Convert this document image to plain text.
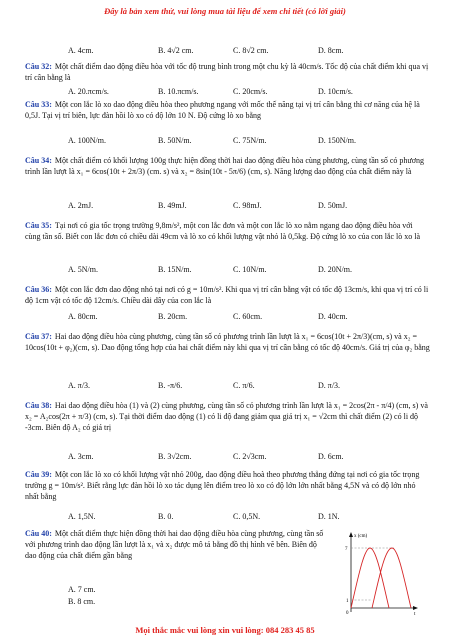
Đây là bản xem thử, vui lòng mua tài liệu để xem chi tiết (có lời giải)
A. 4cm.	B. 4√2 cm.	C. 8√2 cm.	D. 8cm.
Câu 32: Một chất điểm dao động điều hòa với tốc độ trung bình trong một chu kỳ là 40cm/s. Tốc độ của chất điểm khi qua vị trí cân bằng là
A. 20.πcm/s.	B. 10.πcm/s.	C. 20cm/s.	D. 10cm/s.
Câu 33: Một con lắc lò xo dao động điều hòa theo phương ngang với mốc thế năng tại vị trí cân bằng thì cơ năng của hệ là 0,5J. Tại vị trí biên, lực đàn hồi lò xo có độ lớn 10 N. Độ cứng lò xo bằng
A. 100N/m.	B. 50N/m.	C. 75N/m.	D. 150N/m.
Câu 34: Một chất điểm có khối lượng 100g thực hiện đồng thời hai dao động điều hòa cùng phương, cùng tần số có phương trình lần lượt là x₁ = 6cos(10t + 2π/3) (cm. s) và x₂ = 8sin(10t - 5π/6) (cm, s). Năng lượng dao động của chất điểm này là
A. 2mJ.	B. 49mJ.	C. 98mJ.	D. 50mJ.
Câu 35: Tại nơi có gia tốc trọng trường 9,8m/s², một con lắc đơn và một con lắc lò xo nằm ngang dao động điều hòa với cùng tần số. Biết con lắc đơn có chiều dài 49cm và lò xo có khối lượng vật nhỏ là 0,5kg. Độ cứng lò xo của con lắc lò xo là
A. 5N/m.	B. 15N/m.	C. 10N/m.	D. 20N/m.
Câu 36: Một con lắc đơn dao động nhỏ tại nơi có g = 10m/s². Khi qua vị trí cân bằng vật có tốc độ 13cm/s, khi qua vị trí có li độ 1cm vật có tốc độ 12cm/s. Chiều dài dây của con lắc là
A. 80cm.	B. 20cm.	C. 60cm.	D. 40cm.
Câu 37: Hai dao động điều hòa cùng phương, cùng tần số có phương trình lần lượt là x₁ = 6cos(10t + 2π/3)(cm, s) và x₂ = 10cos(10t + φ₂)(cm, s). Dao động tổng hợp của hai chất điểm này khi qua vị trí cân bằng có tốc độ 40cm/s. Giá trị của φ₂ bằng
A. π/3.	B. -π/6.	C. π/6.	D. π/3.
Câu 38: Hai dao động điều hòa (1) và (2) cùng phương, cùng tần số có phương trình lần lượt là x₁ = 2cos(2π - π/4) (cm, s) và x₂ = A₂cos(2π + π/3) (cm, s). Tại thời điểm dao động (1) có li độ đang giảm qua giá trị x₁ = √2cm thì chất điểm (2) có li độ -3cm. Biên độ A₂ có giá trị
A. 3cm.	B. 3√2cm.	C. 2√3cm.	D. 6cm.
Câu 39: Một con lắc lò xo có khối lượng vật nhỏ 200g, dao động điều hoà theo phương thẳng đứng tại nơi có gia tốc trọng trường g = 10m/s². Biết rằng lực đàn hồi lò xo tác dụng lên điểm treo lò xo có độ lớn lớn nhất bằng 4,5N và có độ lớn nhỏ nhất bằng
A. 1,5N.	B. 0.	C. 0,5N.	D. 1N.
Câu 40: Một chất điểm thực hiện đồng thời hai dao động điều hòa cùng phương, cùng tần số với phương trình dao động lần lượt là x₁ và x₂ được mô tả bằng đồ thị hình vẽ bên. Biên độ dao động của chất điểm gần bằng
A. 7 cm.
B. 8 cm.
x (cm)
7
1
0	t
Mọi thắc mắc vui lòng xin vui lòng: 084 283 45 85
